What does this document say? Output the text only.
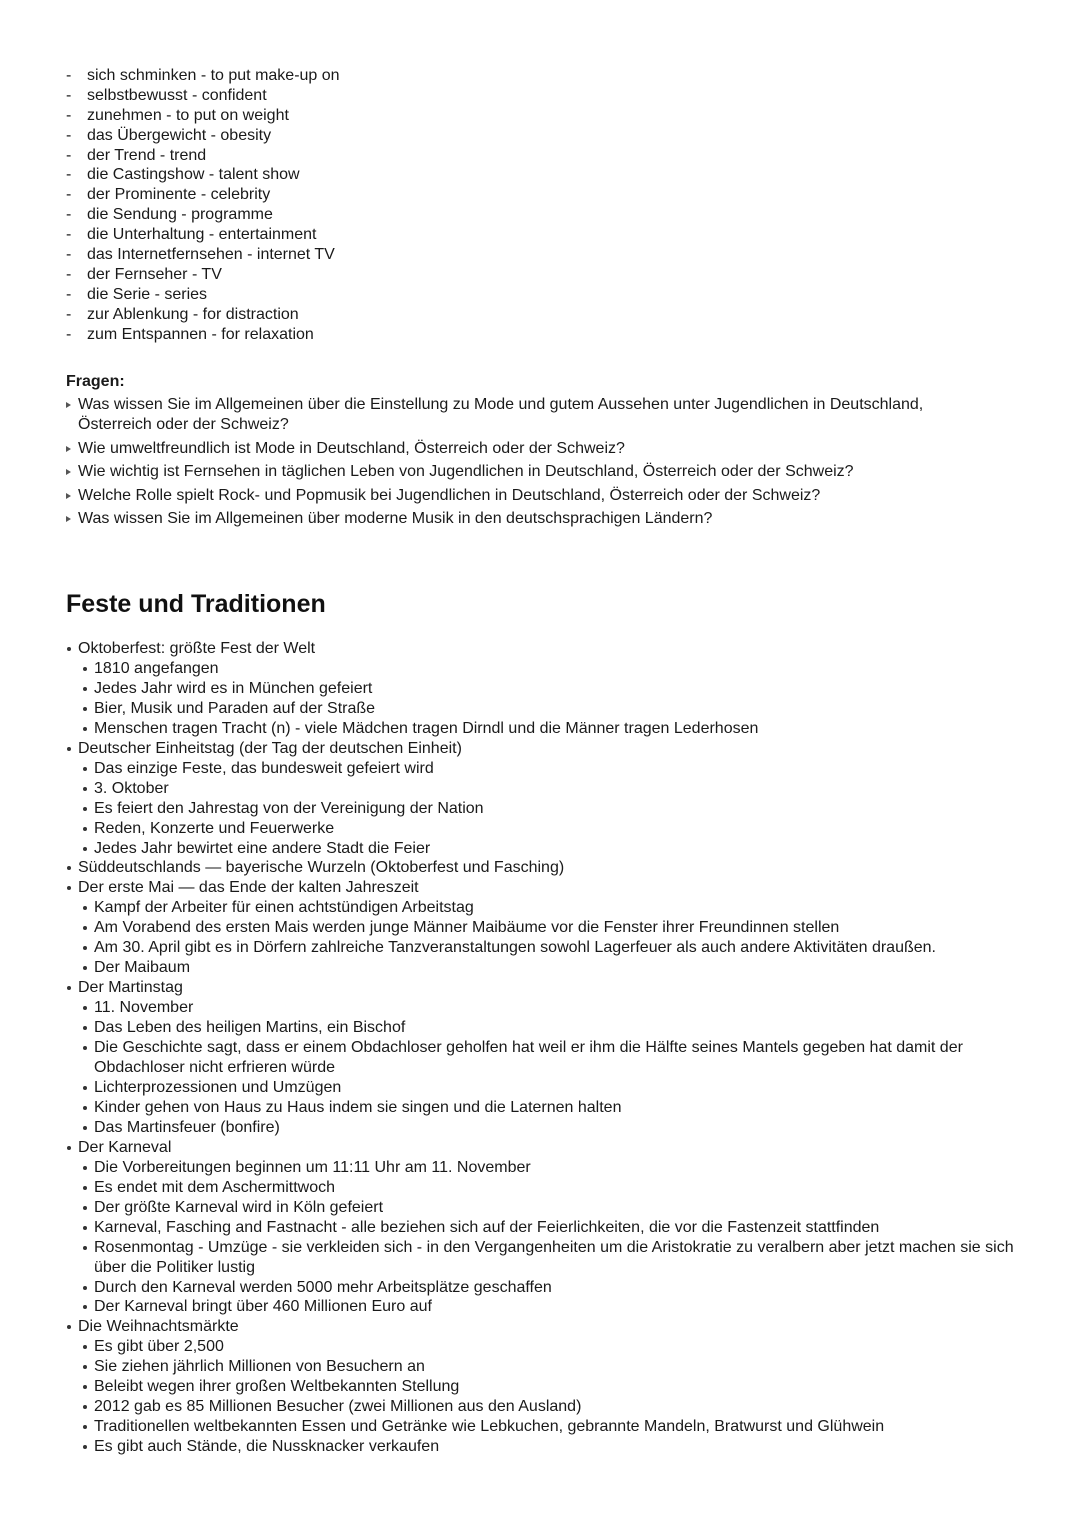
- sich schminken - to put make-up on
- selbstbewusst - confident
- zunehmen - to put on weight
- das Übergewicht - obesity
- der Trend - trend
- die Castingshow - talent show
- der Prominente - celebrity
- die Sendung - programme
- die Unterhaltung - entertainment
- das Internetfernsehen - internet TV
- der Fernseher - TV
- die Serie - series
- zur Ablenkung - for distraction
- zum Entspannen - for relaxation

Fragen:

Was wissen Sie im Allgemeinen über die Einstellung zu Mode und gutem Aussehen unter Jugendlichen in Deutschland, Österreich oder der Schweiz?
Wie umweltfreundlich ist Mode in Deutschland, Österreich oder der Schweiz?
Wie wichtig ist Fernsehen in täglichen Leben von Jugendlichen in Deutschland, Österreich oder der Schweiz?
Welche Rolle spielt Rock- und Popmusik bei Jugendlichen in Deutschland, Österreich oder der Schweiz?
Was wissen Sie im Allgemeinen über moderne Musik in den deutschsprachigen Ländern?
Feste und Traditionen
Oktoberfest: größte Fest der Welt
1810 angefangen
Jedes Jahr wird es in München gefeiert
Bier, Musik und Paraden auf der Straße
Menschen tragen Tracht (n) - viele Mädchen tragen Dirndl und die Männer tragen Lederhosen
Deutscher Einheitstag (der Tag der deutschen Einheit)
Das einzige Feste, das bundesweit gefeiert wird
3. Oktober
Es feiert den Jahrestag von der Vereinigung der Nation
Reden, Konzerte und Feuerwerke
Jedes Jahr bewirtet eine andere Stadt die Feier
Süddeutschlands — bayerische Wurzeln (Oktoberfest und Fasching)
Der erste Mai — das Ende der kalten Jahreszeit
Kampf der Arbeiter für einen achtstündigen Arbeitstag
Am Vorabend des ersten Mais werden junge Männer Maibäume vor die Fenster ihrer Freundinnen stellen
Am 30. April gibt es in Dörfern zahlreiche Tanzveranstaltungen sowohl Lagerfeuer als auch andere Aktivitäten draußen.
Der Maibaum
Der Martinstag
11. November
Das Leben des heiligen Martins, ein Bischof
Die Geschichte sagt, dass er einem Obdachloser geholfen hat weil er ihm die Hälfte seines Mantels gegeben hat damit der Obdachloser nicht erfrieren würde
Lichterprozessionen und Umzügen
Kinder gehen von Haus zu Haus indem sie singen und die Laternen halten
Das Martinsfeuer (bonfire)
Der Karneval
Die Vorbereitungen beginnen um 11:11 Uhr am 11. November
Es endet mit dem Aschermittwoch
Der größte Karneval wird in Köln gefeiert
Karneval, Fasching and Fastnacht - alle beziehen sich auf der Feierlichkeiten, die vor die Fastenzeit stattfinden
Rosenmontag - Umzüge - sie verkleiden sich - in den Vergangenheiten um die Aristokratie zu veralbern aber jetzt machen sie sich über die Politiker lustig
Durch den Karneval werden 5000 mehr Arbeitsplätze geschaffen
Der Karneval bringt über 460 Millionen Euro auf
Die Weihnachtsmärkte
Es gibt über 2,500
Sie ziehen jährlich Millionen von Besuchern an
Beleibt wegen ihrer großen Weltbekannten Stellung
2012 gab es 85 Millionen Besucher (zwei Millionen aus den Ausland)
Traditionellen weltbekannten Essen und Getränke wie Lebkuchen, gebrannte Mandeln, Bratwurst und Glühwein
Es gibt auch Stände, die Nussknacker verkaufen
